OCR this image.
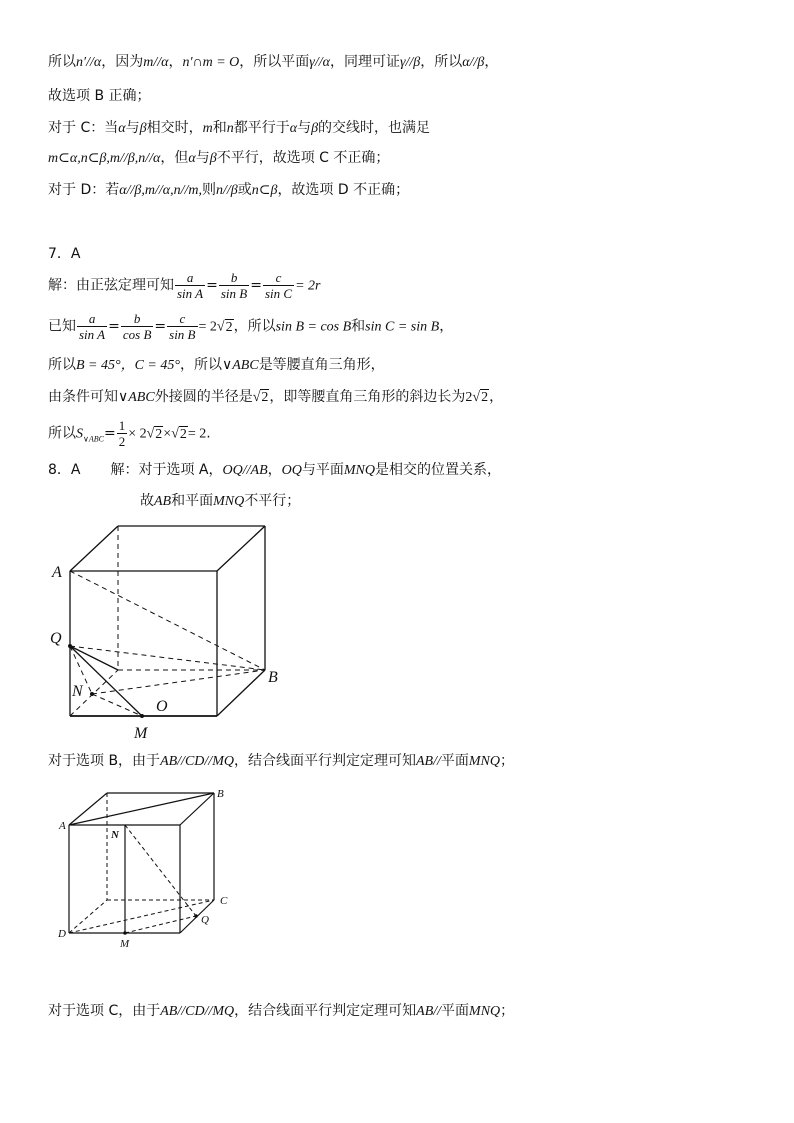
所以n′//α，因为m//α，n′∩m = O，所以平面γ//α，同理可证γ//β，所以α//β，
故选项 B 正确；
对于 C：当α与β相交时，m和n都平行于α与β的交线时，也满足
m⊂α,n⊂β,m//β,n//α，但α与β不平行，故选项 C 不正确；
对于 D：若α//β,m//α,n//m,则n//β或n⊂β，故选项 D 不正确；
7．A
解：由正弦定理可知 $\frac{a}{\text{sin A}} = \frac{b}{\text{sin B}} = \frac{c}{\text{sin C}} = 2r$
已知 $\frac{a}{\text{sin A}} = \frac{b}{\text{cos B}} = \frac{c}{\text{sin B}} = 2√2$，所以sin B = cos B和sin C = sin B，
所以B = 45°，C = 45°，所以∨ABC是等腰直角三角形，
由条件可知∨ABC外接圆的半径是√2，即等腰直角三角形的斜边长为2√2，
所以$S_{\vee ABC}= \frac{1}{2} \times 2√2\times√2= 2$.
8．A 解：对于选项 A，OQ//AB，OQ与平面MNQ是相交的位置关系，
故AB和平面MNQ不平行；
A
Q
B
N
O
M
对于选项 B，由于AB//CD//MQ，结合线面平行判定定理可知AB//平面MNQ；
A
B
N
C
Q
D
M
对于选项 C，由于AB//CD//MQ，结合线面平行判定定理可知AB//平面MNQ；
